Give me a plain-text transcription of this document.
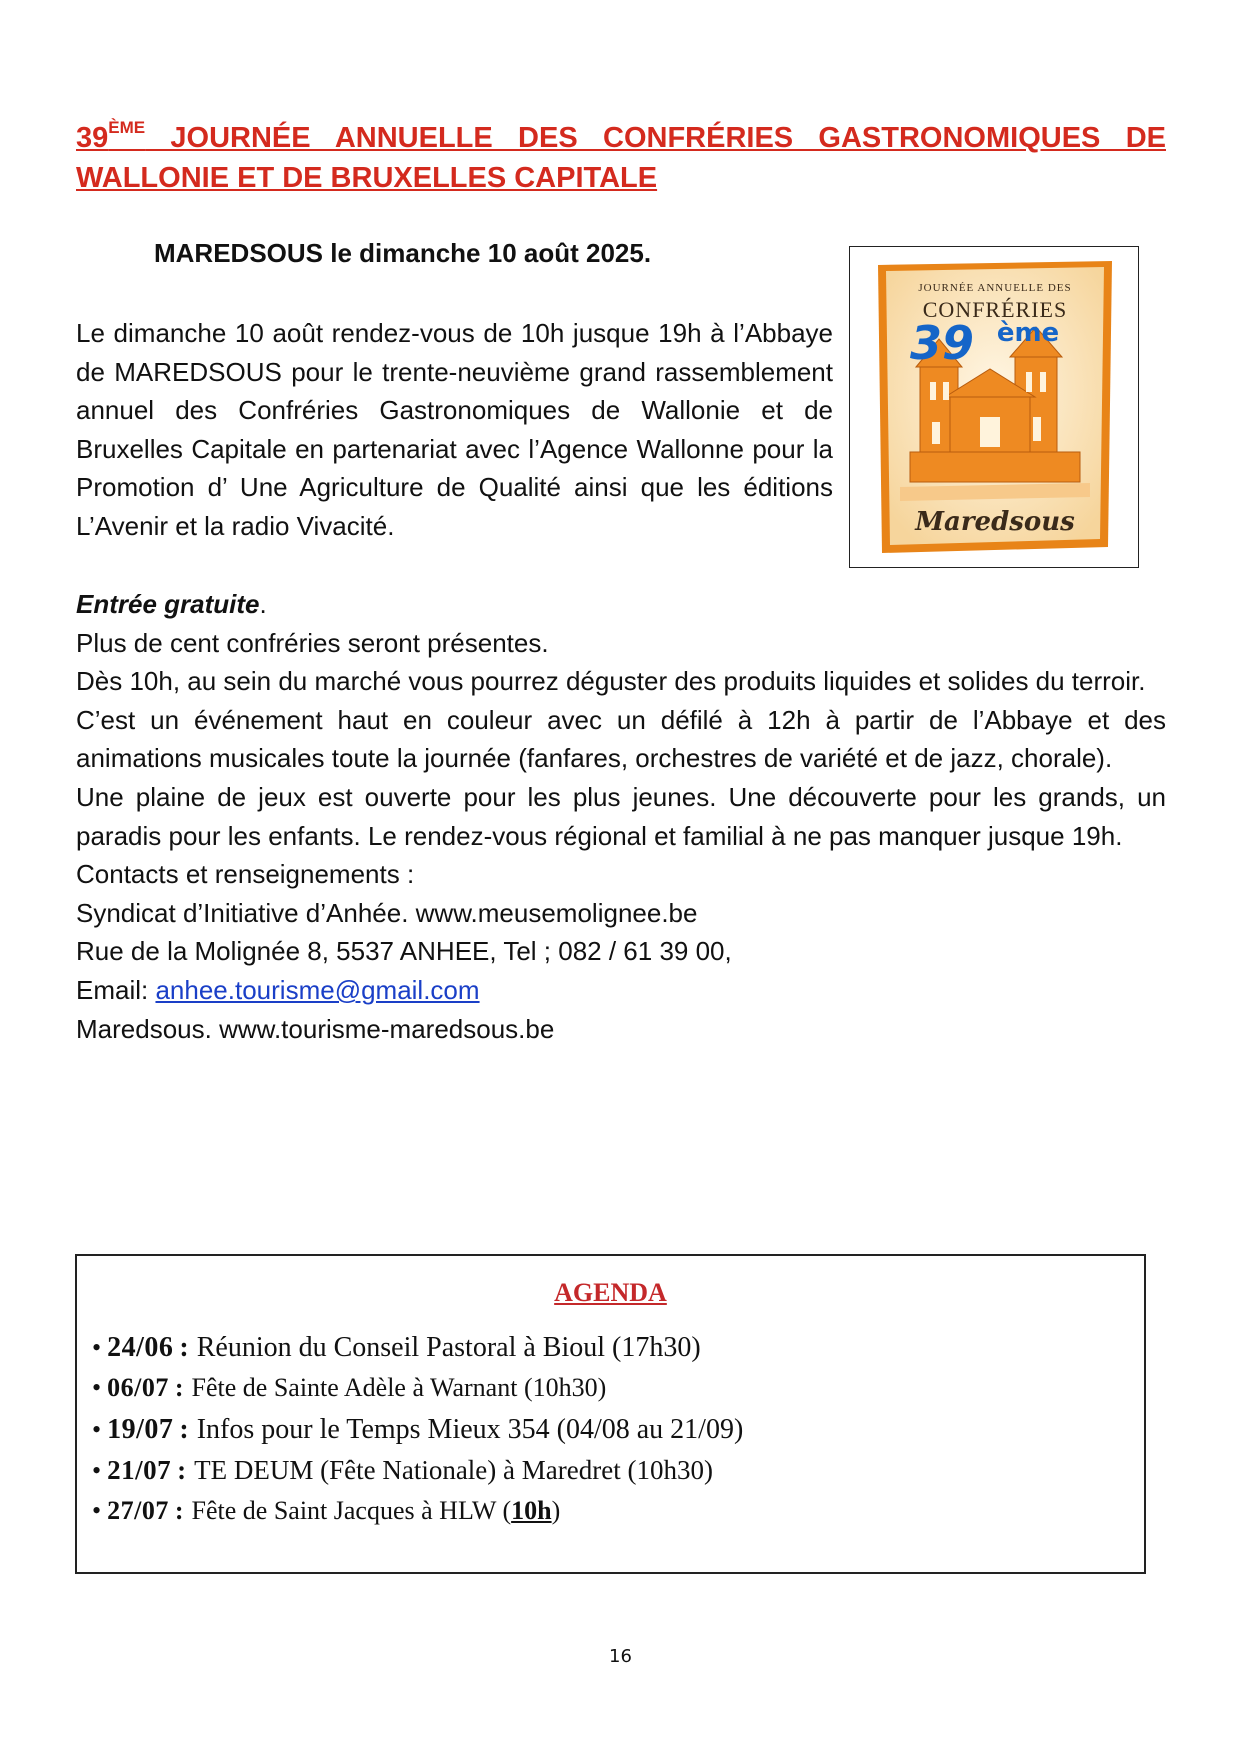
39ÈME JOURNÉE ANNUELLE DES CONFRÉRIES GASTRONOMIQUES DE WALLONIE ET DE BRUXELLES CAPITALE
MAREDSOUS le dimanche 10 août 2025.

Le dimanche 10 août rendez-vous de 10h jusque 19h à l’Abbaye de MAREDSOUS pour le trente-neuvième grand rassemblement annuel des Confréries Gastronomiques de Wallonie et de Bruxelles Capitale en partenariat avec l’Agence Wallonne pour la Promotion d’ Une Agriculture de Qualité ainsi que les éditions L’Avenir et la radio Vivacité.

JOURNÉE ANNUELLE DES
CONFRÉRIES
39 ème
Maredsous

Entrée gratuite.

Plus de cent confréries seront présentes.

Dès 10h, au sein du marché vous pourrez déguster des produits liquides et solides du terroir.

C’est un événement haut en couleur avec un défilé à 12h à partir de l’Abbaye et des animations musicales toute la journée (fanfares, orchestres de variété et de jazz, chorale).

Une plaine de jeux est ouverte pour les plus jeunes. Une découverte pour les grands, un paradis pour les enfants. Le rendez-vous régional et familial à ne pas manquer jusque 19h.

Contacts et renseignements :

Syndicat d’Initiative d’Anhée. www.meusemolignee.be

Rue de la Molignée 8, 5537 ANHEE, Tel ; 082 / 61 39 00,

Email: anhee.tourisme@gmail.com

Maredsous. www.tourisme-maredsous.be

AGENDA
• 24/06 : Réunion du Conseil Pastoral à Bioul (17h30)
• 06/07 : Fête de Sainte Adèle à Warnant (10h30)
• 19/07 : Infos pour le Temps Mieux 354 (04/08 au 21/09)
• 21/07 : TE DEUM (Fête Nationale) à Maredret (10h30)
• 27/07 : Fête de Saint Jacques à HLW ( 10h )
16
